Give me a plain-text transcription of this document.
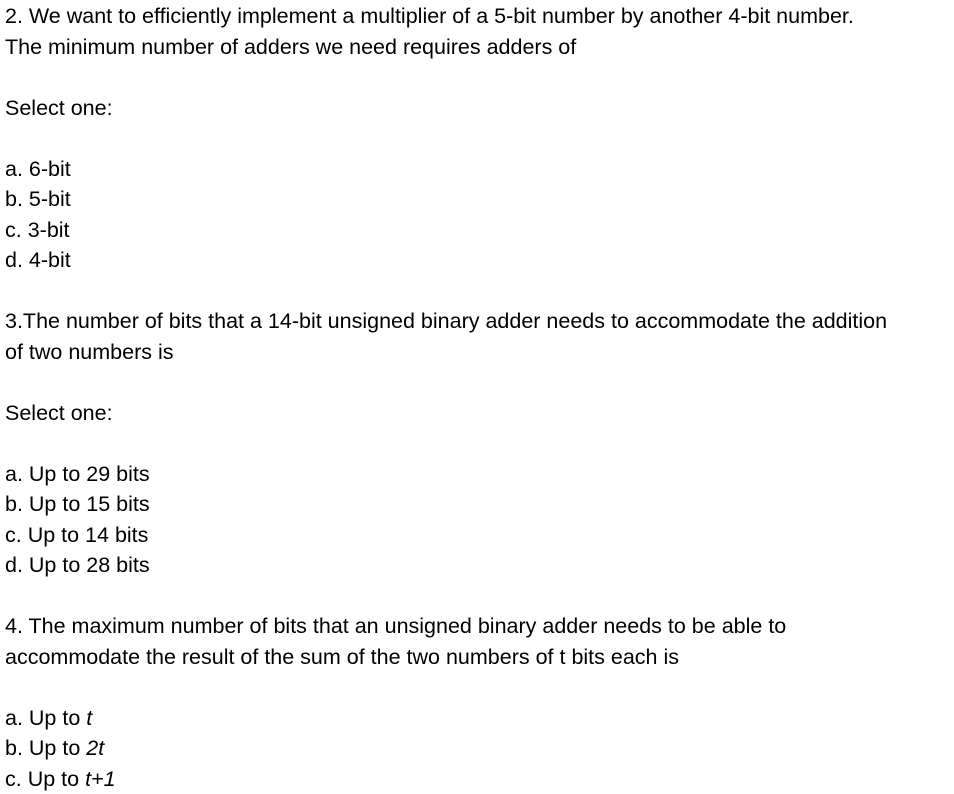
2. We want to efficiently implement a multiplier of a 5-bit number by another 4-bit number.
The minimum number of adders we need requires adders of
Select one:
a. 6-bit
b. 5-bit
c. 3-bit
d. 4-bit
3.The number of bits that a 14-bit unsigned binary adder needs to accommodate the addition
of two numbers is
Select one:
a. Up to 29 bits
b. Up to 15 bits
c. Up to 14 bits
d. Up to 28 bits
4. The maximum number of bits that an unsigned binary adder needs to be able to
accommodate the result of the sum of the two numbers of t bits each is
a. Up to t
b. Up to 2t
c. Up to t+1
